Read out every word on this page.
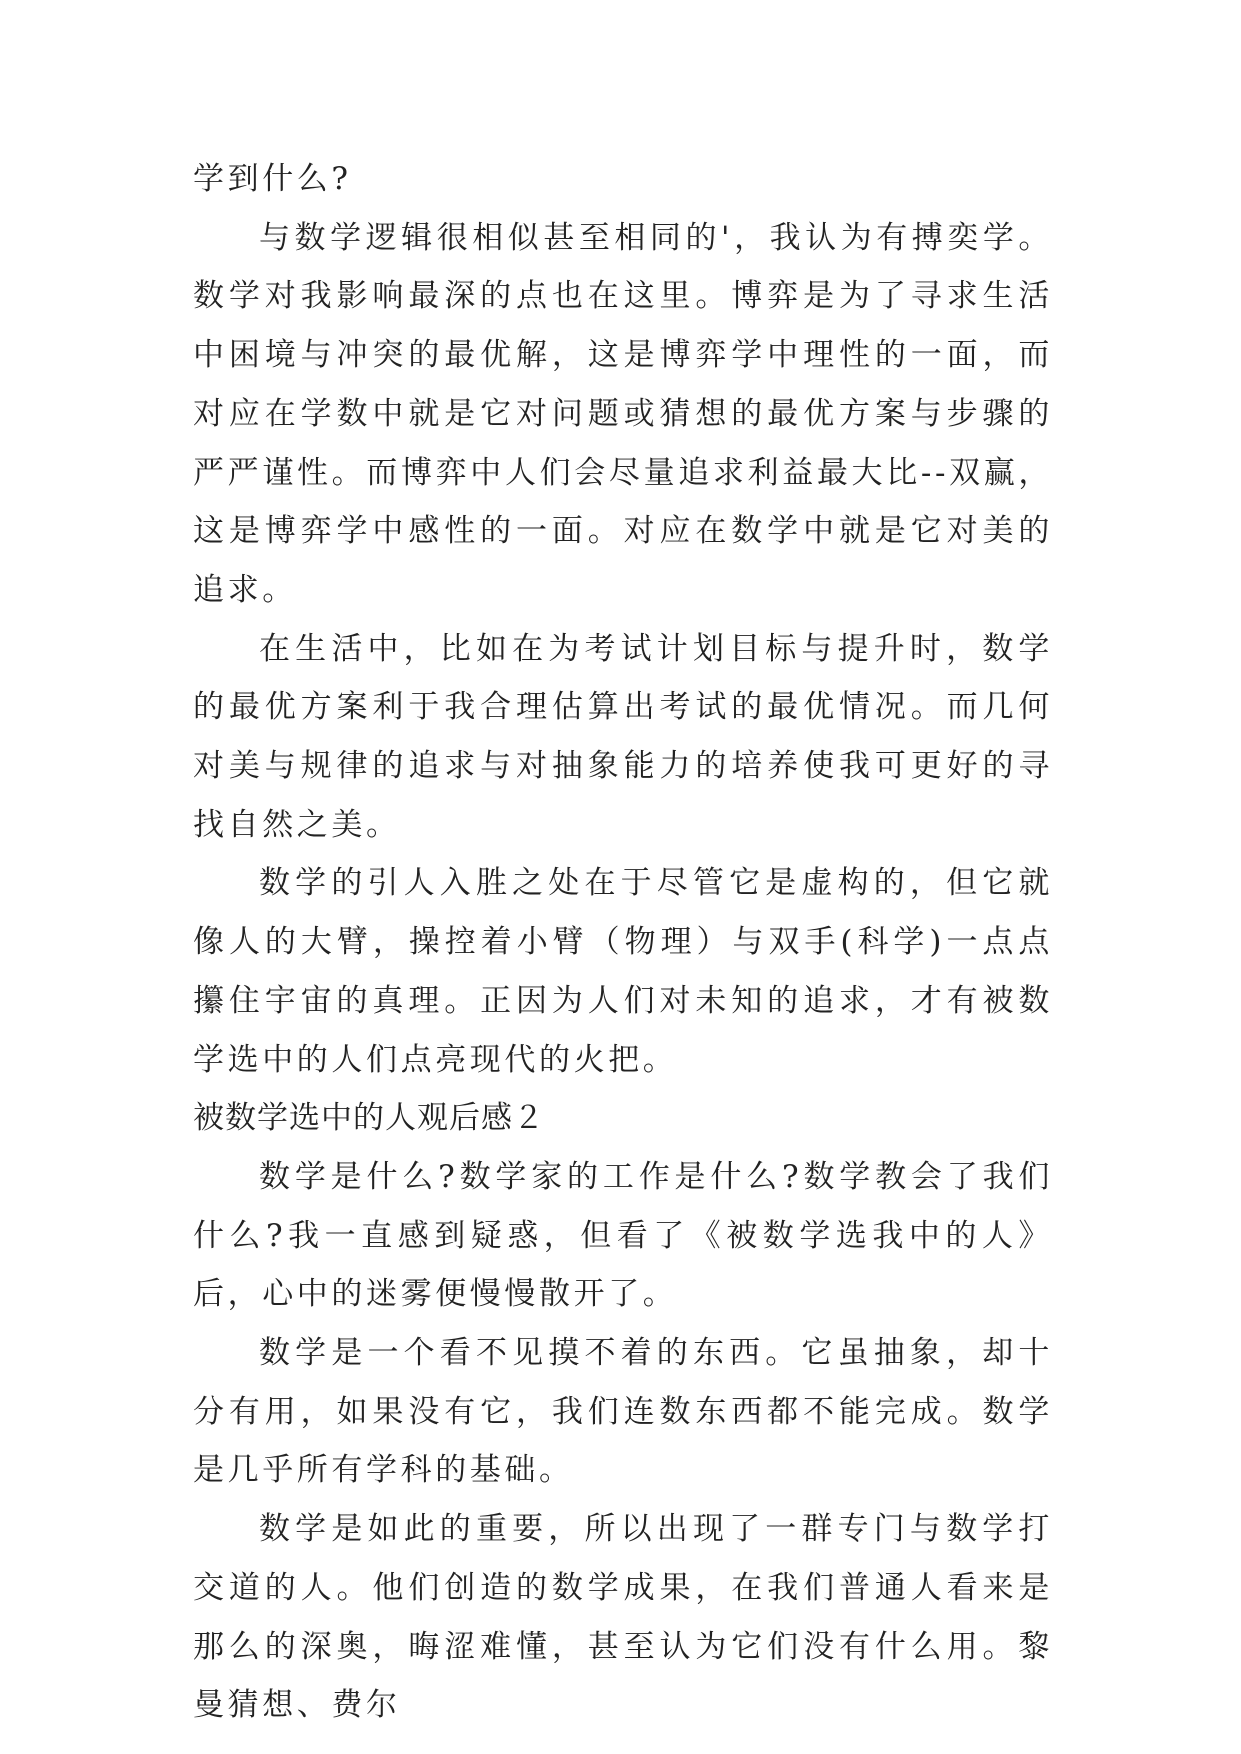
学到什么?

与数学逻辑很相似甚至相同的'，我认为有搏奕学。数学对我影响最深的点也在这里。博弈是为了寻求生活中困境与冲突的最优解，这是博弈学中理性的一面，而对应在学数中就是它对问题或猜想的最优方案与步骤的严严谨性。而博弈中人们会尽量追求利益最大比--双赢，这是博弈学中感性的一面。对应在数学中就是它对美的追求。

在生活中，比如在为考试计划目标与提升时，数学的最优方案利于我合理估算出考试的最优情况。而几何对美与规律的追求与对抽象能力的培养使我可更好的寻找自然之美。

数学的引人入胜之处在于尽管它是虚构的，但它就像人的大臂，操控着小臂（物理）与双手(科学)一点点攥住宇宙的真理。正因为人们对未知的追求，才有被数学选中的人们点亮现代的火把。

被数学选中的人观后感２

数学是什么?数学家的工作是什么?数学教会了我们什么?我一直感到疑惑，但看了《被数学选我中的人》后，心中的迷雾便慢慢散开了。

数学是一个看不见摸不着的东西。它虽抽象，却十分有用，如果没有它，我们连数东西都不能完成。数学是几乎所有学科的基础。

数学是如此的重要，所以出现了一群专门与数学打交道的人。他们创造的数学成果，在我们普通人看来是那么的深奥，晦涩难懂，甚至认为它们没有什么用。黎曼猜想、费尔
